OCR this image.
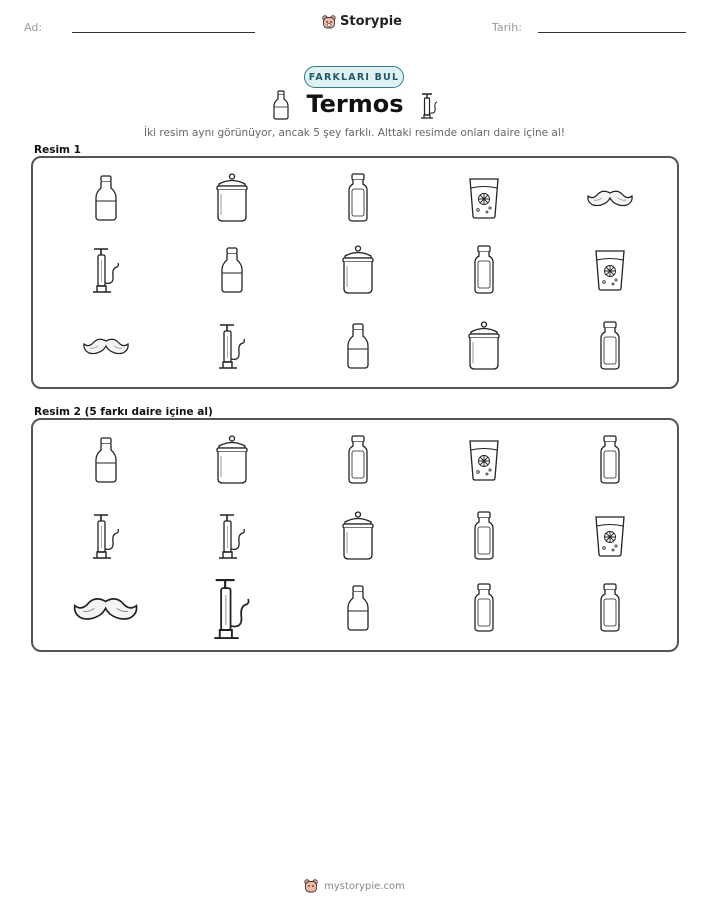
Ad:	Storypie	Tarih:
FARKLARI BUL
Termos
İki resim aynı görünüyor, ancak 5 şey farklı. Alttaki resimde onları daire içine al!
Resim 1
Resim 2 (5 farkı daire içine al)
mystorypie.com
